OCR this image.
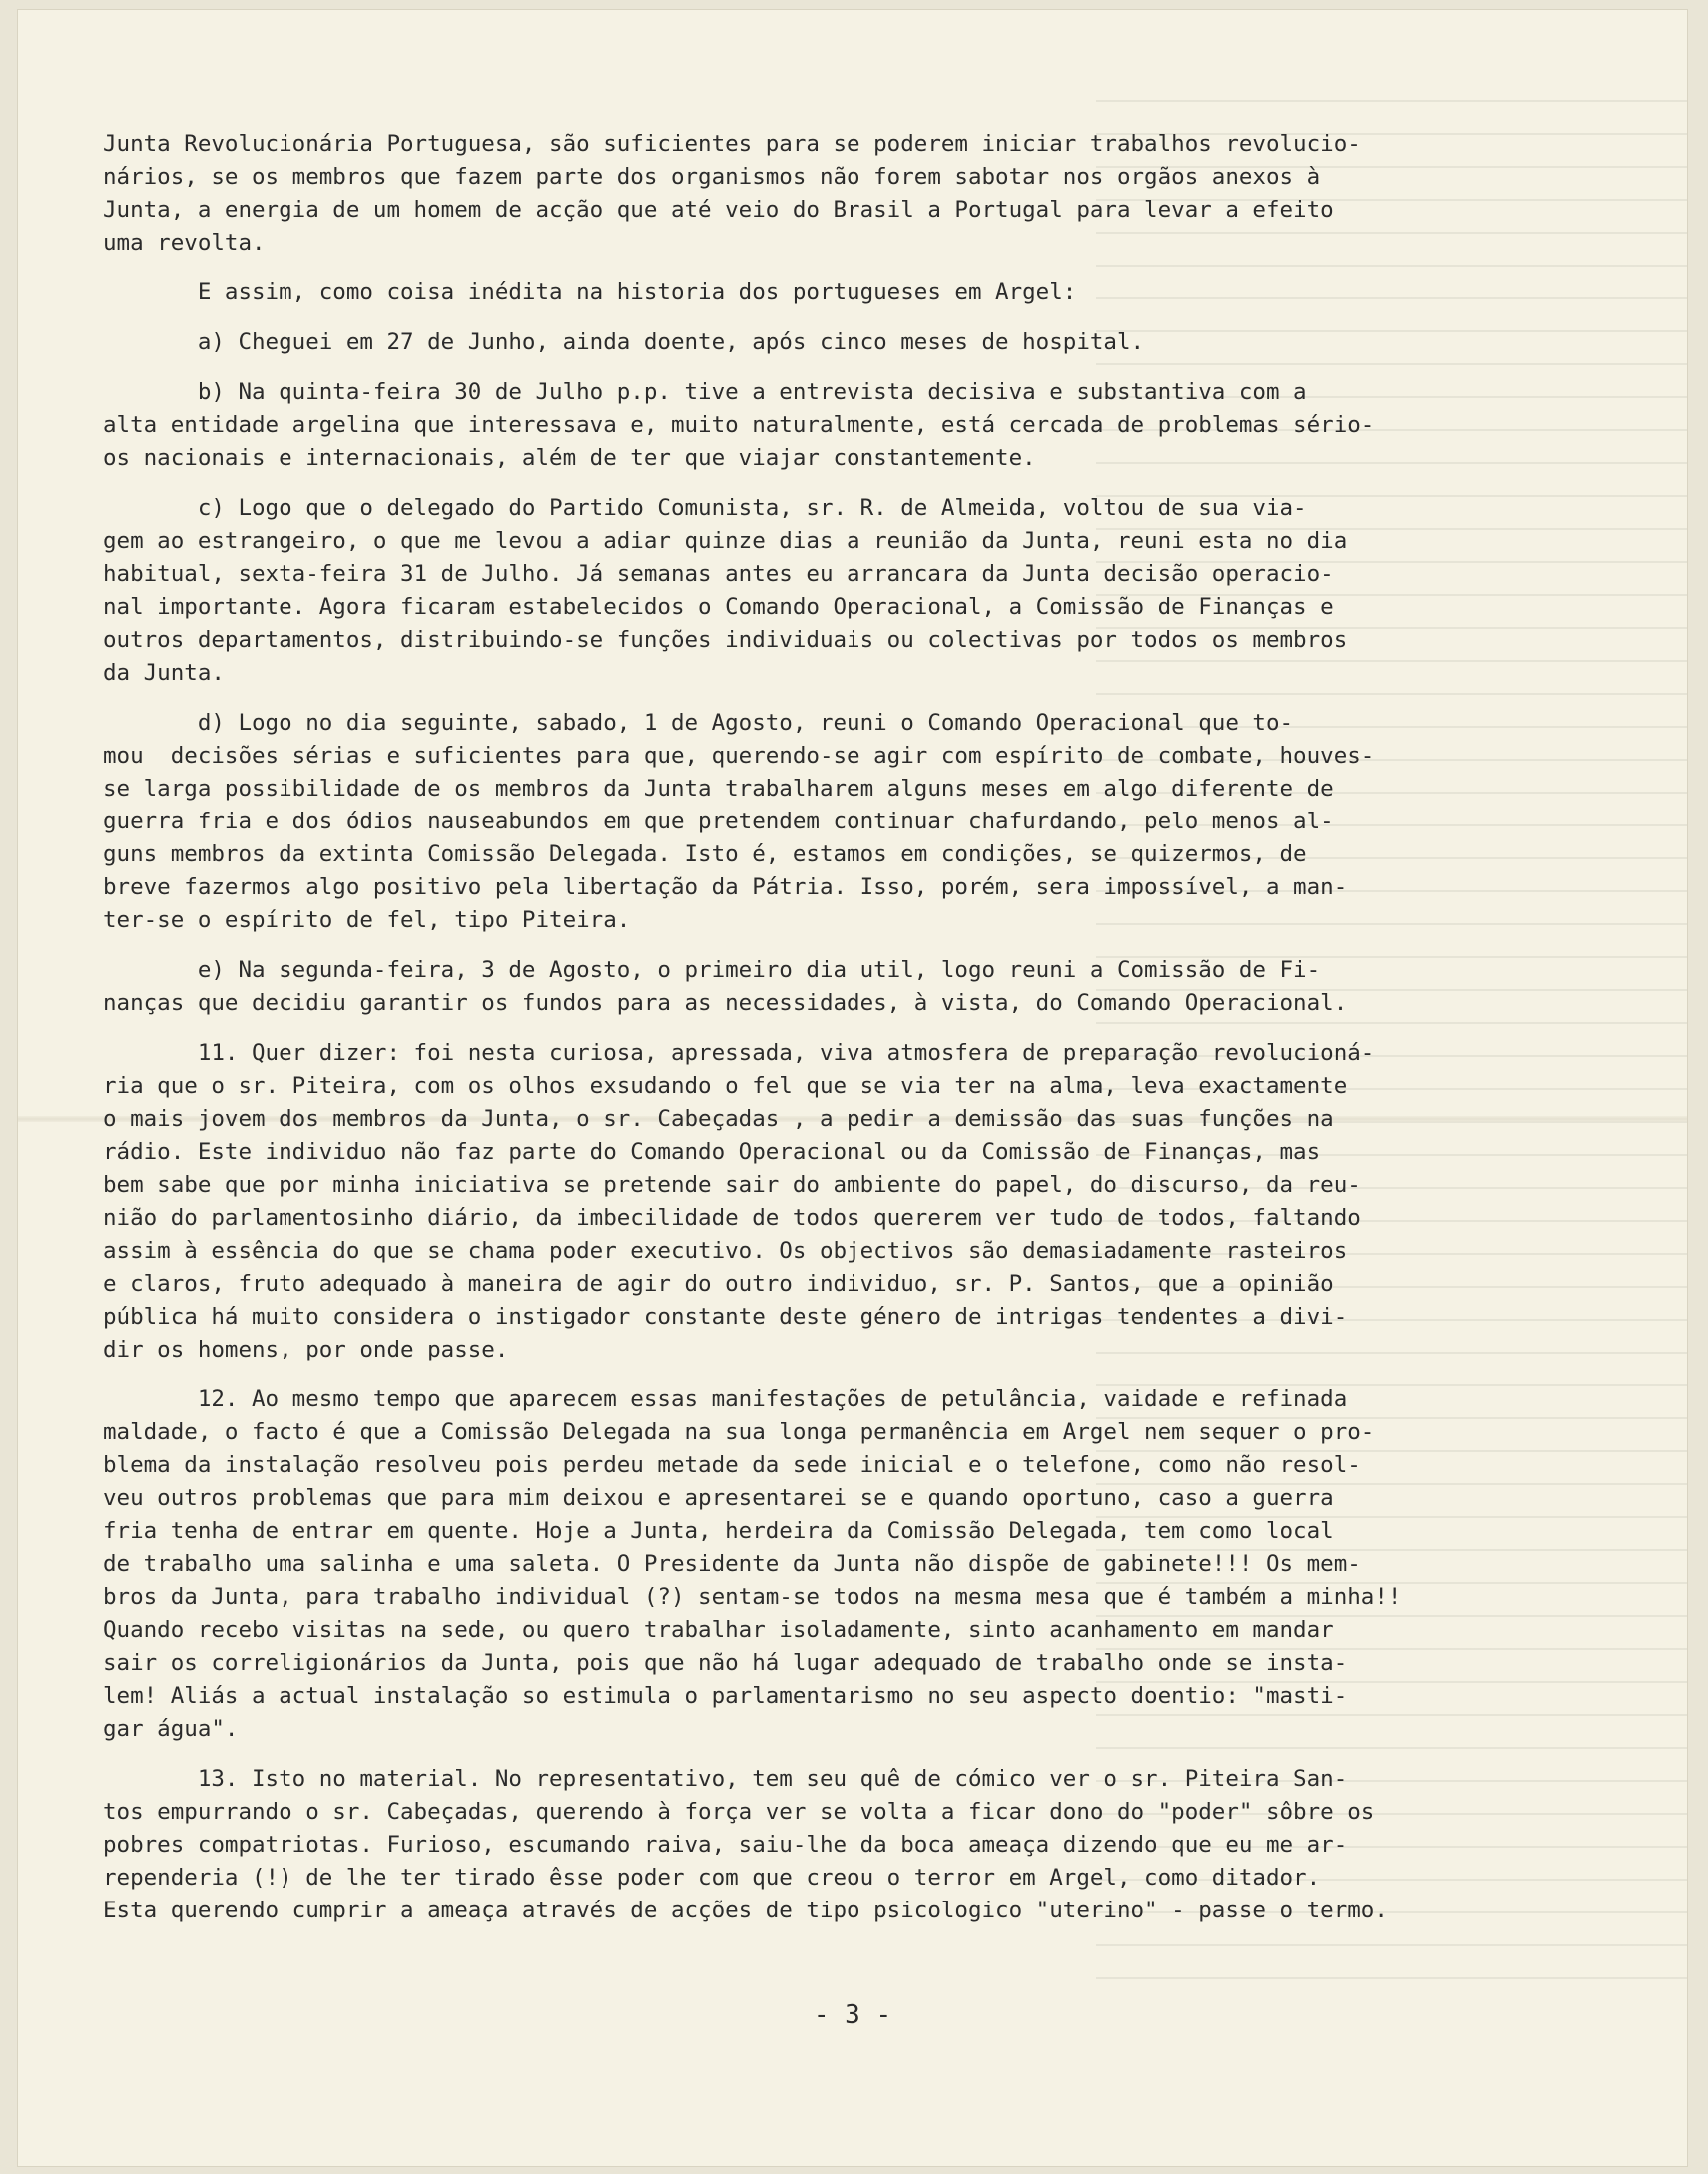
Junta Revolucionária Portuguesa, são suficientes para se poderem iniciar trabalhos revolucio-
nários, se os membros que fazem parte dos organismos não forem sabotar nos orgãos anexos à
Junta, a energia de um homem de acção que até veio do Brasil a Portugal para levar a efeito
uma revolta.

E assim, como coisa inédita na historia dos portugueses em Argel:

a) Cheguei em 27 de Junho, ainda doente, após cinco meses de hospital.

b) Na quinta-feira 30 de Julho p.p. tive a entrevista decisiva e substantiva com a
alta entidade argelina que interessava e, muito naturalmente, está cercada de problemas sério-
os nacionais e internacionais, além de ter que viajar constantemente.

c) Logo que o delegado do Partido Comunista, sr. R. de Almeida, voltou de sua via-
gem ao estrangeiro, o que me levou a adiar quinze dias a reunião da Junta, reuni esta no dia
habitual, sexta-feira 31 de Julho. Já semanas antes eu arrancara da Junta decisão operacio-
nal importante. Agora ficaram estabelecidos o Comando Operacional, a Comissão de Finanças e
outros departamentos, distribuindo-se funções individuais ou colectivas por todos os membros
da Junta.

d) Logo no dia seguinte, sabado, 1 de Agosto, reuni o Comando Operacional que to-
mou  decisões sérias e suficientes para que, querendo-se agir com espírito de combate, houves-
se larga possibilidade de os membros da Junta trabalharem alguns meses em algo diferente de
guerra fria e dos ódios nauseabundos em que pretendem continuar chafurdando, pelo menos al-
guns membros da extinta Comissão Delegada. Isto é, estamos em condições, se quizermos, de
breve fazermos algo positivo pela libertação da Pátria. Isso, porém, sera impossível, a man-
ter-se o espírito de fel, tipo Piteira.

e) Na segunda-feira, 3 de Agosto, o primeiro dia util, logo reuni a Comissão de Fi-
nanças que decidiu garantir os fundos para as necessidades, à vista, do Comando Operacional.

11. Quer dizer: foi nesta curiosa, apressada, viva atmosfera de preparação revolucioná-
ria que o sr. Piteira, com os olhos exsudando o fel que se via ter na alma, leva exactamente
o mais jovem dos membros da Junta, o sr. Cabeçadas , a pedir a demissão das suas funções na
rádio. Este individuo não faz parte do Comando Operacional ou da Comissão de Finanças, mas
bem sabe que por minha iniciativa se pretende sair do ambiente do papel, do discurso, da reu-
nião do parlamentosinho diário, da imbecilidade de todos quererem ver tudo de todos, faltando
assim à essência do que se chama poder executivo. Os objectivos são demasiadamente rasteiros
e claros, fruto adequado à maneira de agir do outro individuo, sr. P. Santos, que a opinião
pública há muito considera o instigador constante deste género de intrigas tendentes a divi-
dir os homens, por onde passe.

12. Ao mesmo tempo que aparecem essas manifestações de petulância, vaidade e refinada
maldade, o facto é que a Comissão Delegada na sua longa permanência em Argel nem sequer o pro-
blema da instalação resolveu pois perdeu metade da sede inicial e o telefone, como não resol-
veu outros problemas que para mim deixou e apresentarei se e quando oportuno, caso a guerra
fria tenha de entrar em quente. Hoje a Junta, herdeira da Comissão Delegada, tem como local
de trabalho uma salinha e uma saleta. O Presidente da Junta não dispõe de gabinete!!! Os mem-
bros da Junta, para trabalho individual (?) sentam-se todos na mesma mesa que é também a minha!!
Quando recebo visitas na sede, ou quero trabalhar isoladamente, sinto acanhamento em mandar
sair os correligionários da Junta, pois que não há lugar adequado de trabalho onde se insta-
lem! Aliás a actual instalação so estimula o parlamentarismo no seu aspecto doentio: "masti-
gar água".

13. Isto no material. No representativo, tem seu quê de cómico ver o sr. Piteira San-
tos empurrando o sr. Cabeçadas, querendo à força ver se volta a ficar dono do "poder" sôbre os
pobres compatriotas. Furioso, escumando raiva, saiu-lhe da boca ameaça dizendo que eu me ar-
rependeria (!) de lhe ter tirado êsse poder com que creou o terror em Argel, como ditador.
Esta querendo cumprir a ameaça através de acções de tipo psicologico "uterino" - passe o termo.

- 3 -
